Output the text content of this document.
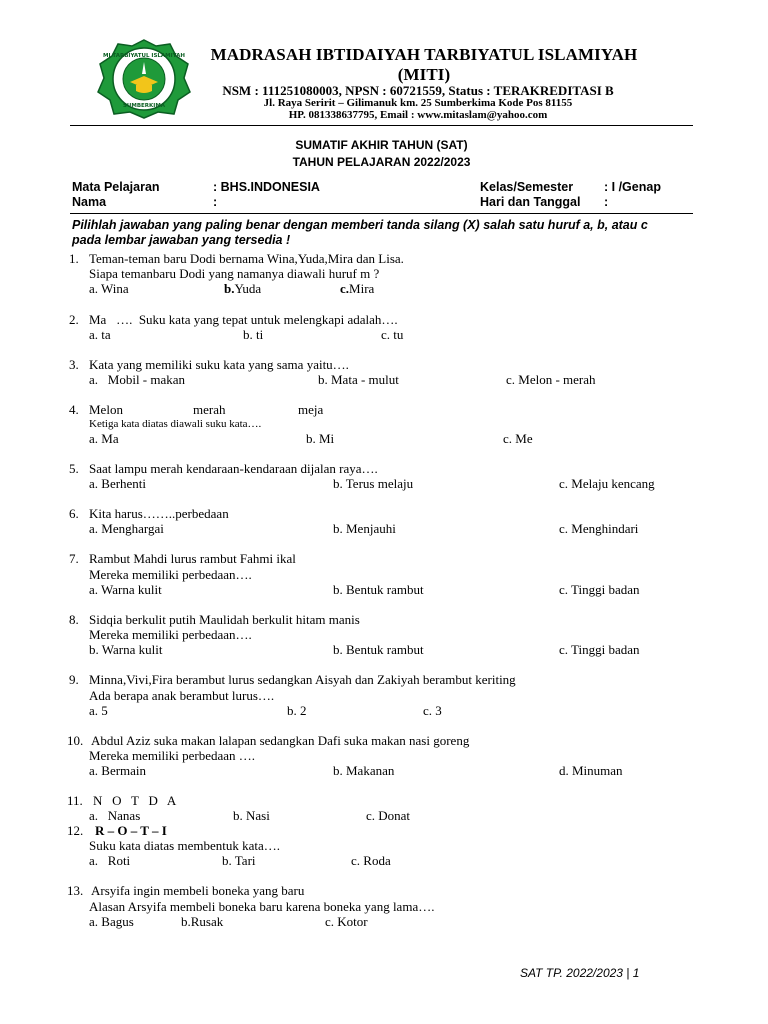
MI TARBIYATUL ISLAMIYAH
SUMBERKIMA
MADRASAH IBTIDAIYAH TARBIYATUL ISLAMIYAH
(MITI)
NSM : 111251080003, NPSN : 60721559, Status : TERAKREDITASI B
Jl. Raya Seririt – Gilimanuk km. 25 Sumberkima Kode Pos 81155
HP. 081338637795, Email : www.mitaslam@yahoo.com
SUMATIF AKHIR TAHUN (SAT)
TAHUN PELAJARAN 2022/2023
Mata Pelajaran	: BHS.INDONESIA
Nama	:
Kelas/Semester : I /Genap
Hari dan Tanggal :
Pilihlah jawaban yang paling benar dengan memberi tanda silang (X) salah satu huruf a, b, atau c pada lembar jawaban yang tersedia !
1. Teman-teman baru Dodi bernama Wina,Yuda,Mira dan Lisa.
Siapa temanbaru Dodi yang namanya diawali huruf m ?
a. Wina	b.Yuda	c.Mira
2. Ma   ….  Suku kata yang tepat untuk melengkapi adalah….
a. ta	b. ti	c. tu
3. Kata yang memiliki suku kata yang sama yaitu….
a.   Mobil - makan	b. Mata - mulut	c. Melon - merah
4. Melon	merah	meja
Ketiga kata diatas diawali suku kata….
a. Ma	b. Mi	c. Me
5. Saat lampu merah kendaraan-kendaraan dijalan raya….
a. Berhenti	b. Terus melaju	c. Melaju kencang
6. Kita harus……..perbedaan
a. Menghargai	b. Menjauhi	c. Menghindari
7. Rambut Mahdi lurus rambut Fahmi ikal
Mereka memiliki perbedaan….
a. Warna kulit	b. Bentuk rambut	c. Tinggi badan
8. Sidqia berkulit putih Maulidah berkulit hitam manis
Mereka memiliki perbedaan….
b. Warna kulit	b. Bentuk rambut	c. Tinggi badan
9. Minna,Vivi,Fira berambut lurus sedangkan Aisyah dan Zakiyah berambut keriting
Ada berapa anak berambut lurus….
a. 5	b. 2	c. 3
10. Abdul Aziz suka makan lalapan sedangkan Dafi suka makan nasi goreng
Mereka memiliki perbedaan ….
a. Bermain	b. Makanan	d. Minuman
11. N   O   T   D   A
a.   Nanas	b. Nasi	c. Donat
12. R – O – T – I
Suku kata diatas membentuk kata….
a.   Roti	b. Tari	c. Roda
13. Arsyifa ingin membeli boneka yang baru
Alasan Arsyifa membeli boneka baru karena boneka yang lama….
a. Bagus	b.Rusak	c. Kotor
SAT TP. 2022/2023 | 1
